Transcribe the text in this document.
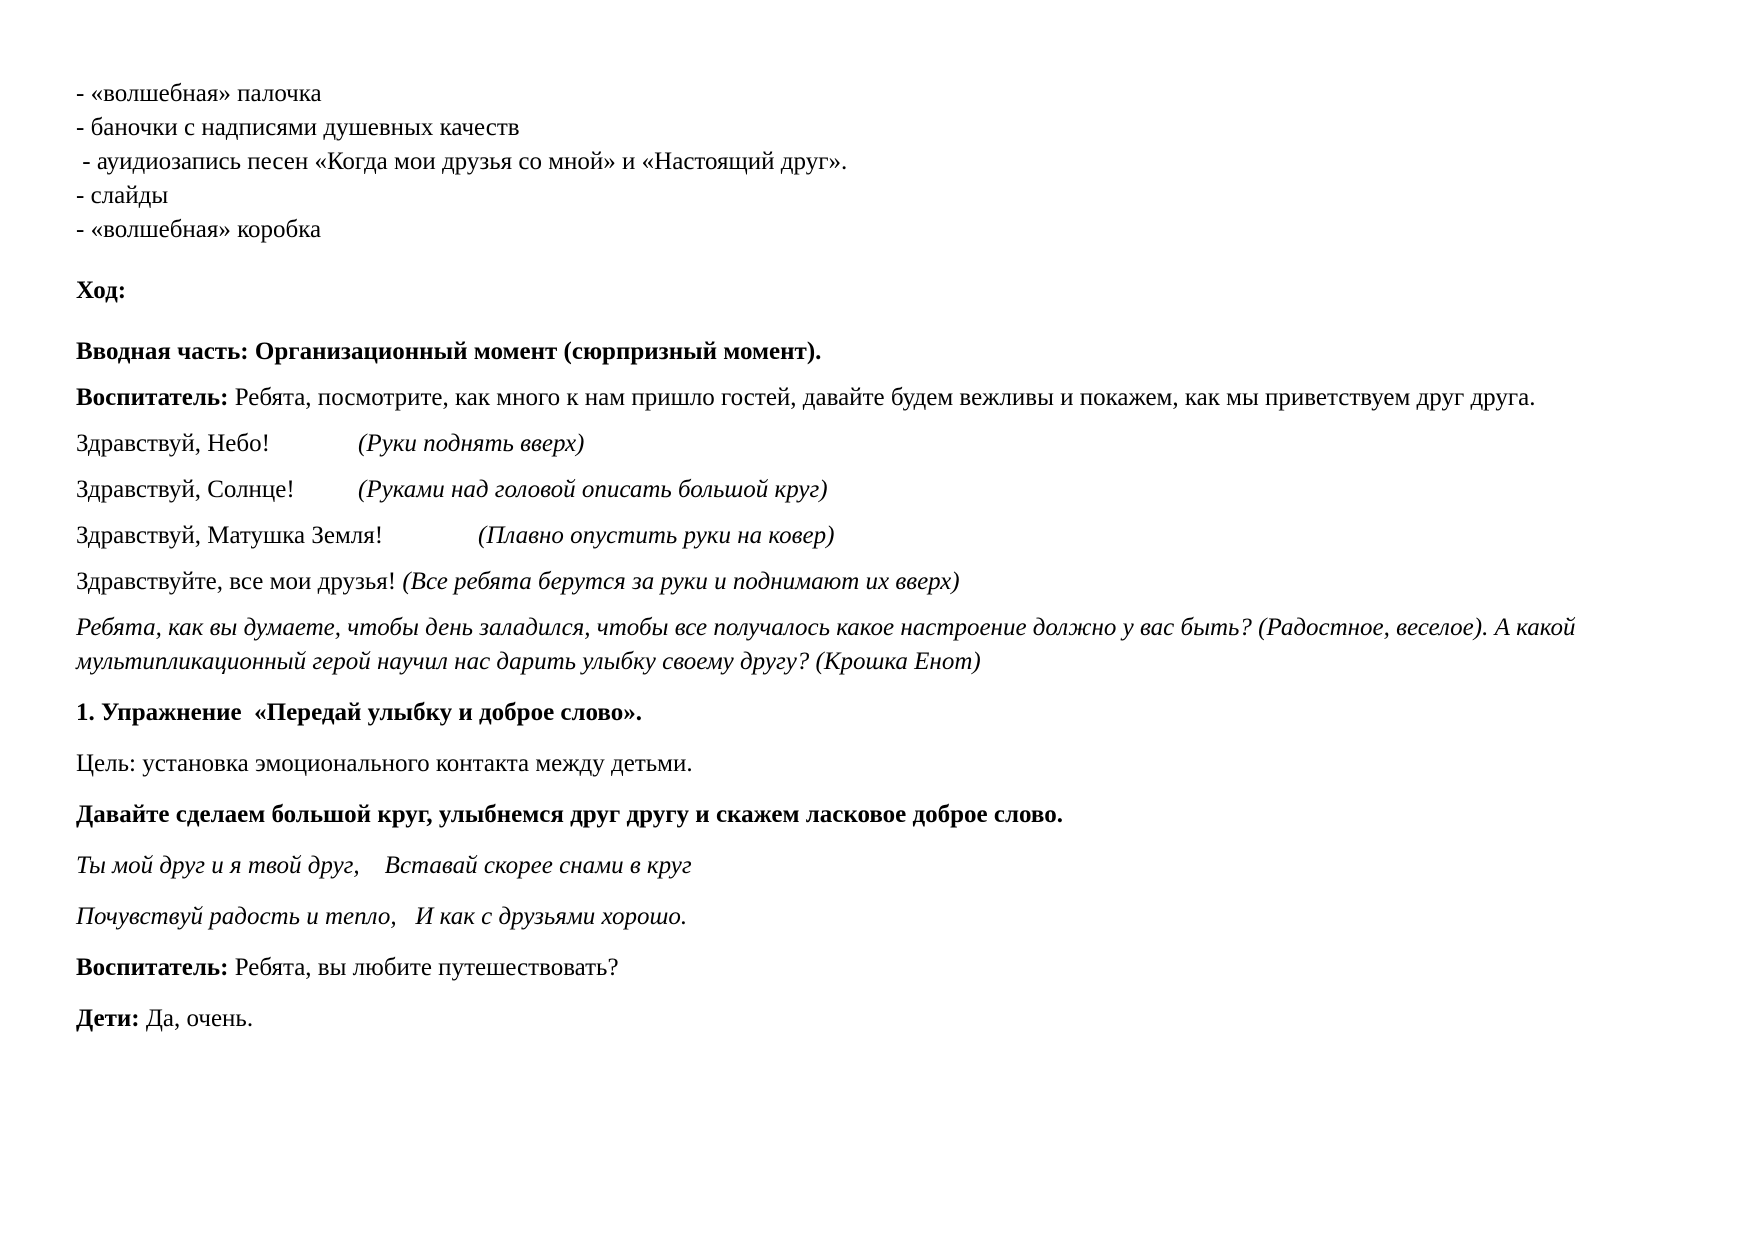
- «волшебная» палочка
- баночки с надписями душевных качеств
- ауидиозапись песен «Когда мои друзья со мной» и «Настоящий друг».
- слайды
- «волшебная» коробка
Ход:
Вводная часть: Организационный момент (сюрпризный момент).
Воспитатель: Ребята, посмотрите, как много к нам пришло гостей, давайте будем вежливы и покажем, как мы приветствуем друг друга.
Здравствуй, Небо!	(Руки поднять вверх)
Здравствуй, Солнце!	(Руками над головой описать большой круг)
Здравствуй, Матушка Земля!	(Плавно опустить руки на ковер)
Здравствуйте, все мои друзья! (Все ребята берутся за руки и поднимают их вверх)
Ребята, как вы думаете, чтобы день заладился, чтобы все получалось какое настроение должно у вас быть? (Радостное, веселое). А какой мультипликационный герой научил нас дарить улыбку своему другу? (Крошка Енот)
1. Упражнение  «Передай улыбку и доброе слово».
Цель: установка эмоционального контакта между детьми.
Давайте сделаем большой круг, улыбнемся друг другу и скажем ласковое доброе слово.
Ты мой друг и я твой друг, Вставай скорее снами в круг
Почувствуй радость и тепло, И как с друзьями хорошо.
Воспитатель: Ребята, вы любите путешествовать?
Дети: Да, очень.
